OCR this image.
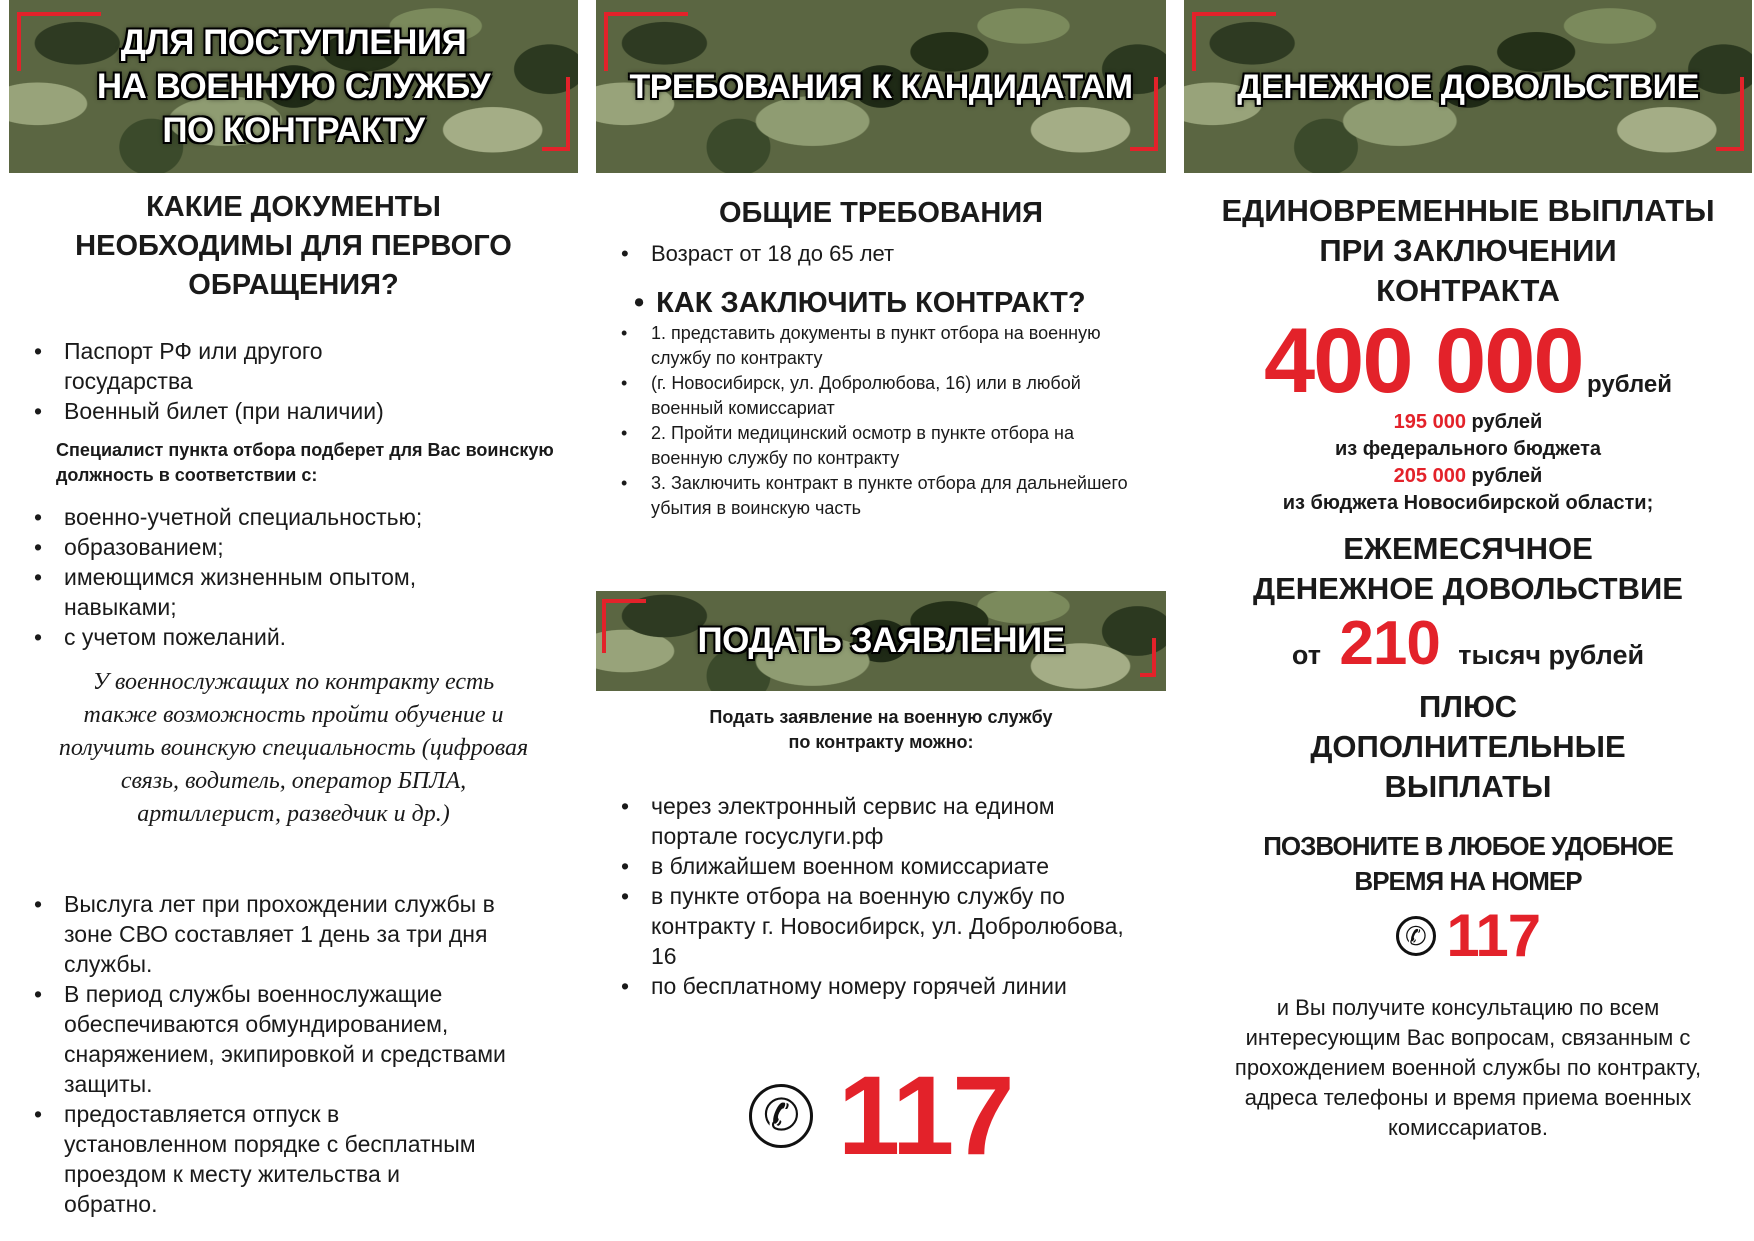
ДЛЯ ПОСТУПЛЕНИЯ
НА ВОЕННУЮ СЛУЖБУ
ПО КОНТРАКТУ
КАКИЕ ДОКУМЕНТЫ
НЕОБХОДИМЫ ДЛЯ ПЕРВОГО
ОБРАЩЕНИЯ?
• Паспорт РФ или другого государства
• Военный билет (при наличии)
Специалист пункта отбора подберет для Вас воинскую должность в соответствии с:
• военно-учетной специальностью;
• образованием;
• имеющимся жизненным опытом, навыками;
• с учетом пожеланий.
У военнослужащих по контракту есть также возможность пройти обучение и получить воинскую специальность (цифровая связь, водитель, оператор БПЛА, артиллерист, разведчик и др.)
• Выслуга лет при прохождении службы в зоне СВО составляет 1 день за три дня службы.
• В период службы военнослужащие обеспечиваются обмундированием, снаряжением, экипировкой и средствами защиты.
• предоставляется отпуск в установленном порядке с бесплатным проездом к месту жительства и обратно.
ТРЕБОВАНИЯ К КАНДИДАТАМ
ОБЩИЕ ТРЕБОВАНИЯ
• Возраст от 18 до 65 лет
• КАК ЗАКЛЮЧИТЬ КОНТРАКТ?
• 1. представить документы в пункт отбора на военную службу по контракту
• (г. Новосибирск, ул. Добролюбова, 16) или в любой военный комиссариат
• 2. Пройти медицинский осмотр в пункте отбора на военную службу по контракту
• 3. Заключить контракт в пункте отбора для дальнейшего убытия в воинскую часть
ПОДАТЬ ЗАЯВЛЕНИЕ
Подать заявление на военную службу
по контракту можно:
• через электронный сервис на едином портале госуслуги.рф
• в ближайшем военном комиссариате
• в пункте отбора на военную службу по контракту г. Новосибирск, ул. Добролюбова, 16
• по бесплатному номеру горячей линии
✆ 117
ДЕНЕЖНОЕ ДОВОЛЬСТВИЕ
ЕДИНОВРЕМЕННЫЕ ВЫПЛАТЫ
ПРИ ЗАКЛЮЧЕНИИ
КОНТРАКТА
400 000 рублей
195 000 рублей
из федерального бюджета
205 000 рублей
из бюджета Новосибирской области;
ЕЖЕМЕСЯЧНОЕ
ДЕНЕЖНОЕ ДОВОЛЬСТВИЕ
от 210 тысяч рублей
ПЛЮС
ДОПОЛНИТЕЛЬНЫЕ
ВЫПЛАТЫ
ПОЗВОНИТЕ В ЛЮБОЕ УДОБНОЕ
ВРЕМЯ НА НОМЕР
✆ 117
и Вы получите консультацию по всем интересующим Вас вопросам, связанным с прохождением военной службы по контракту, адреса телефоны и время приема военных комиссариатов.
